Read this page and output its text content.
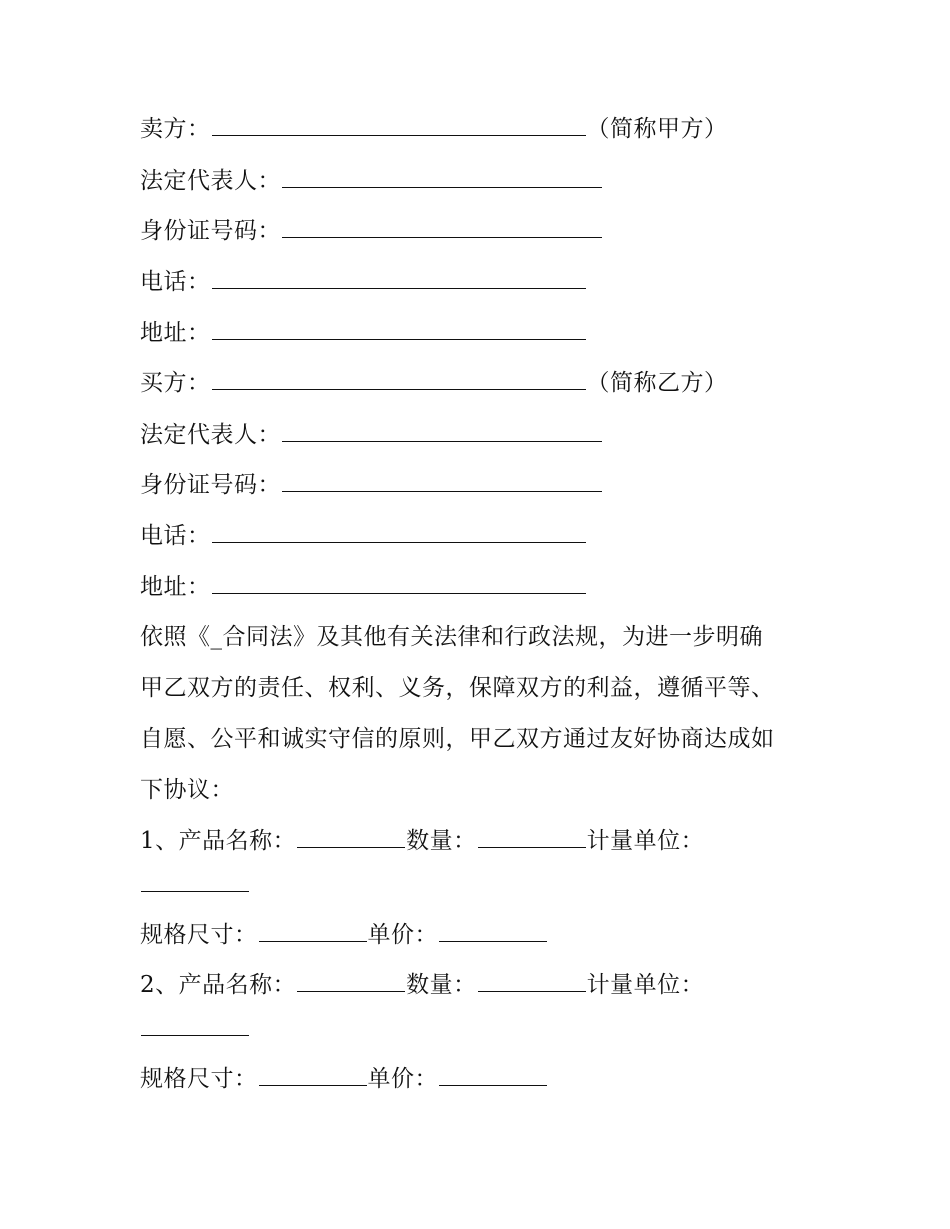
卖方：	（简称甲方）
法定代表人：
身份证号码：
电话：
地址：
买方：	（简称乙方）
法定代表人：
身份证号码：
电话：
地址：
依照《_合同法》及其他有关法律和行政法规，为进一步明确
甲乙双方的责任、权利、义务，保障双方的利益，遵循平等、
自愿、公平和诚实守信的原则，甲乙双方通过友好协商达成如
下协议：
1、产品名称：	数量：	计量单位：
规格尺寸：	单价：
2、产品名称：	数量：	计量单位：
规格尺寸：	单价：
